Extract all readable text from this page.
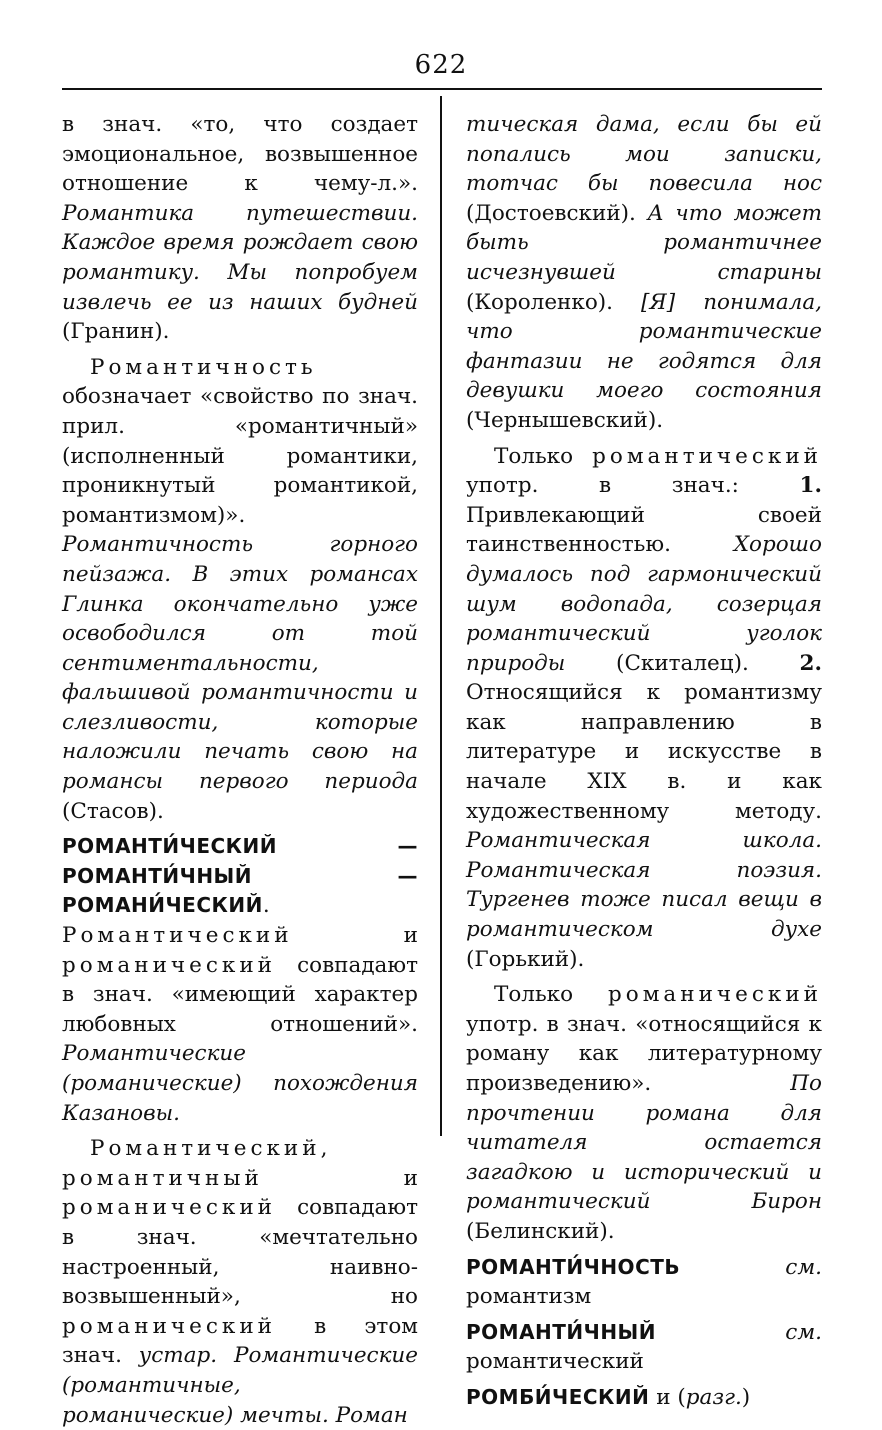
622

в знач. «то, что создает эмоциональное, возвышенное отношение к чему-л.». Романтика путешествии. Каждое время рождает свою романтику. Мы попробуем извлечь ее из наших будней (Гранин).

Романтичность обозначает «свойство по знач. прил. «романтичный» (исполненный романтики, проникнутый романтикой, романтизмом)». Романтичность горного пейзажа. В этих романсах Глинка окончательно уже освободился от той сентиментальности, фальшивой романтичности и слезливости, которые наложили печать свою на романсы первого периода (Стасов).

РОМАНТИ́ЧЕСКИЙ — РОМАНТИ́ЧНЫЙ — РОМАНИ́ЧЕСКИЙ. Романтический и романический совпадают в знач. «имеющий характер любовных отношений». Романтические (романические) похождения Казановы.

Романтический, романтичный и романический совпадают в знач. «мечтательно настроенный, наивно-возвышенный», но романический в этом знач. устар. Романтические (романтичные, романические) мечты. Роман

тическая дама, если бы ей попались мои записки, тотчас бы повесила нос (Достоевский). А что может быть романтичнее исчезнувшей старины (Короленко). [Я] понимала, что романтические фантазии не годятся для девушки моего состояния (Чернышевский).

Только романтический употр. в знач.: 1. Привлекающий своей таинственностью. Хорошо думалось под гармонический шум водопада, созерцая романтический уголок природы (Скиталец). 2. Относящийся к романтизму как направлению в литературе и искусстве в начале XIX в. и как художественному методу. Романтическая школа. Романтическая поэзия. Тургенев тоже писал вещи в романтическом духе (Горький).

Только романический употр. в знач. «относящийся к роману как литературному произведению». По прочтении романа для читателя остается загадкою и исторический и романтический Бирон (Белинский).

РОМАНТИ́ЧНОСТЬ см. романтизм

РОМАНТИ́ЧНЫЙ см. романтический

РОМБИ́ЧЕСКИЙ и (разг.)
